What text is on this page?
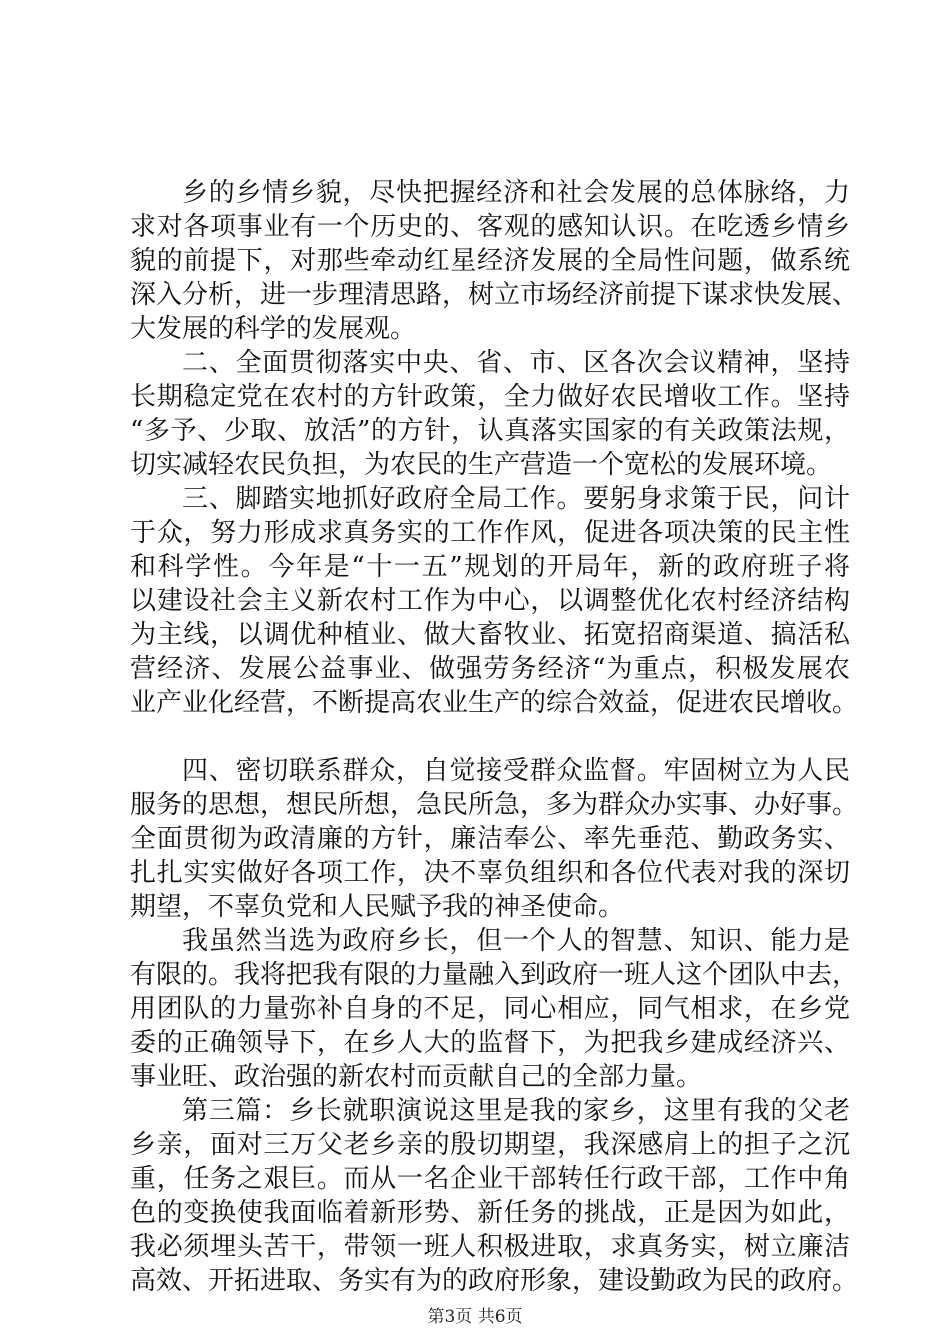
乡的乡情乡貌，尽快把握经济和社会发展的总体脉络，力
求对各项事业有一个历史的、客观的感知认识。在吃透乡情乡
貌的前提下，对那些牵动红星经济发展的全局性问题，做系统
深入分析，进一步理清思路，树立市场经济前提下谋求快发展、
大发展的科学的发展观。
二、全面贯彻落实中央、省、市、区各次会议精神，坚持
长期稳定党在农村的方针政策，全力做好农民增收工作。坚持
“多予、少取、放活”的方针，认真落实国家的有关政策法规，
切实减轻农民负担，为农民的生产营造一个宽松的发展环境。
三、脚踏实地抓好政府全局工作。要躬身求策于民，问计
于众，努力形成求真务实的工作作风，促进各项决策的民主性
和科学性。今年是“十一五”规划的开局年，新的政府班子将
以建设社会主义新农村工作为中心，以调整优化农村经济结构
为主线，以调优种植业、做大畜牧业、拓宽招商渠道、搞活私
营经济、发展公益事业、做强劳务经济“为重点，积极发展农
业产业化经营，不断提高农业生产的综合效益，促进农民增收。
四、密切联系群众，自觉接受群众监督。牢固树立为人民
服务的思想，想民所想，急民所急，多为群众办实事、办好事。
全面贯彻为政清廉的方针，廉洁奉公、率先垂范、勤政务实、
扎扎实实做好各项工作，决不辜负组织和各位代表对我的深切
期望，不辜负党和人民赋予我的神圣使命。
我虽然当选为政府乡长，但一个人的智慧、知识、能力是
有限的。我将把我有限的力量融入到政府一班人这个团队中去，
用团队的力量弥补自身的不足，同心相应，同气相求，在乡党
委的正确领导下，在乡人大的监督下，为把我乡建成经济兴、
事业旺、政治强的新农村而贡献自己的全部力量。
第三篇：乡长就职演说这里是我的家乡，这里有我的父老
乡亲，面对三万父老乡亲的殷切期望，我深感肩上的担子之沉
重，任务之艰巨。而从一名企业干部转任行政干部，工作中角
色的变换使我面临着新形势、新任务的挑战，正是因为如此，
我必须埋头苦干，带领一班人积极进取，求真务实，树立廉洁
高效、开拓进取、务实有为的政府形象，建设勤政为民的政府。
第3页 共6页
